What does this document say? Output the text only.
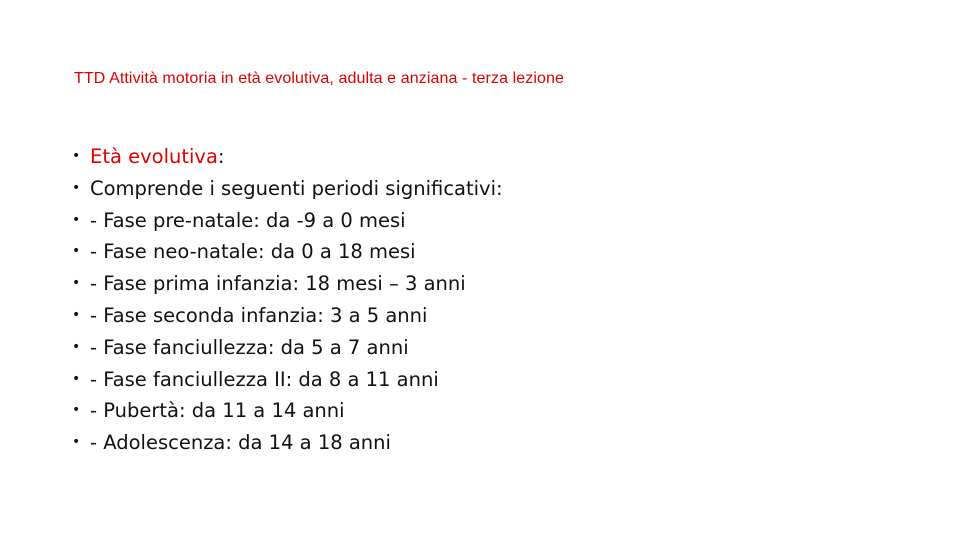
TTD Attività motoria in età evolutiva, adulta e anziana - terza lezione
• Età evolutiva :
• Comprende i seguenti periodi significativi:
• - Fase pre-natale: da -9 a 0 mesi
• - Fase neo-natale: da 0 a 18 mesi
• - Fase prima infanzia: 18 mesi – 3 anni
• - Fase seconda infanzia: 3 a 5 anni
• - Fase fanciullezza: da 5 a 7 anni
• - Fase fanciullezza II: da 8 a 11 anni
• - Pubertà: da 11 a 14 anni
• - Adolescenza: da 14 a 18 anni
